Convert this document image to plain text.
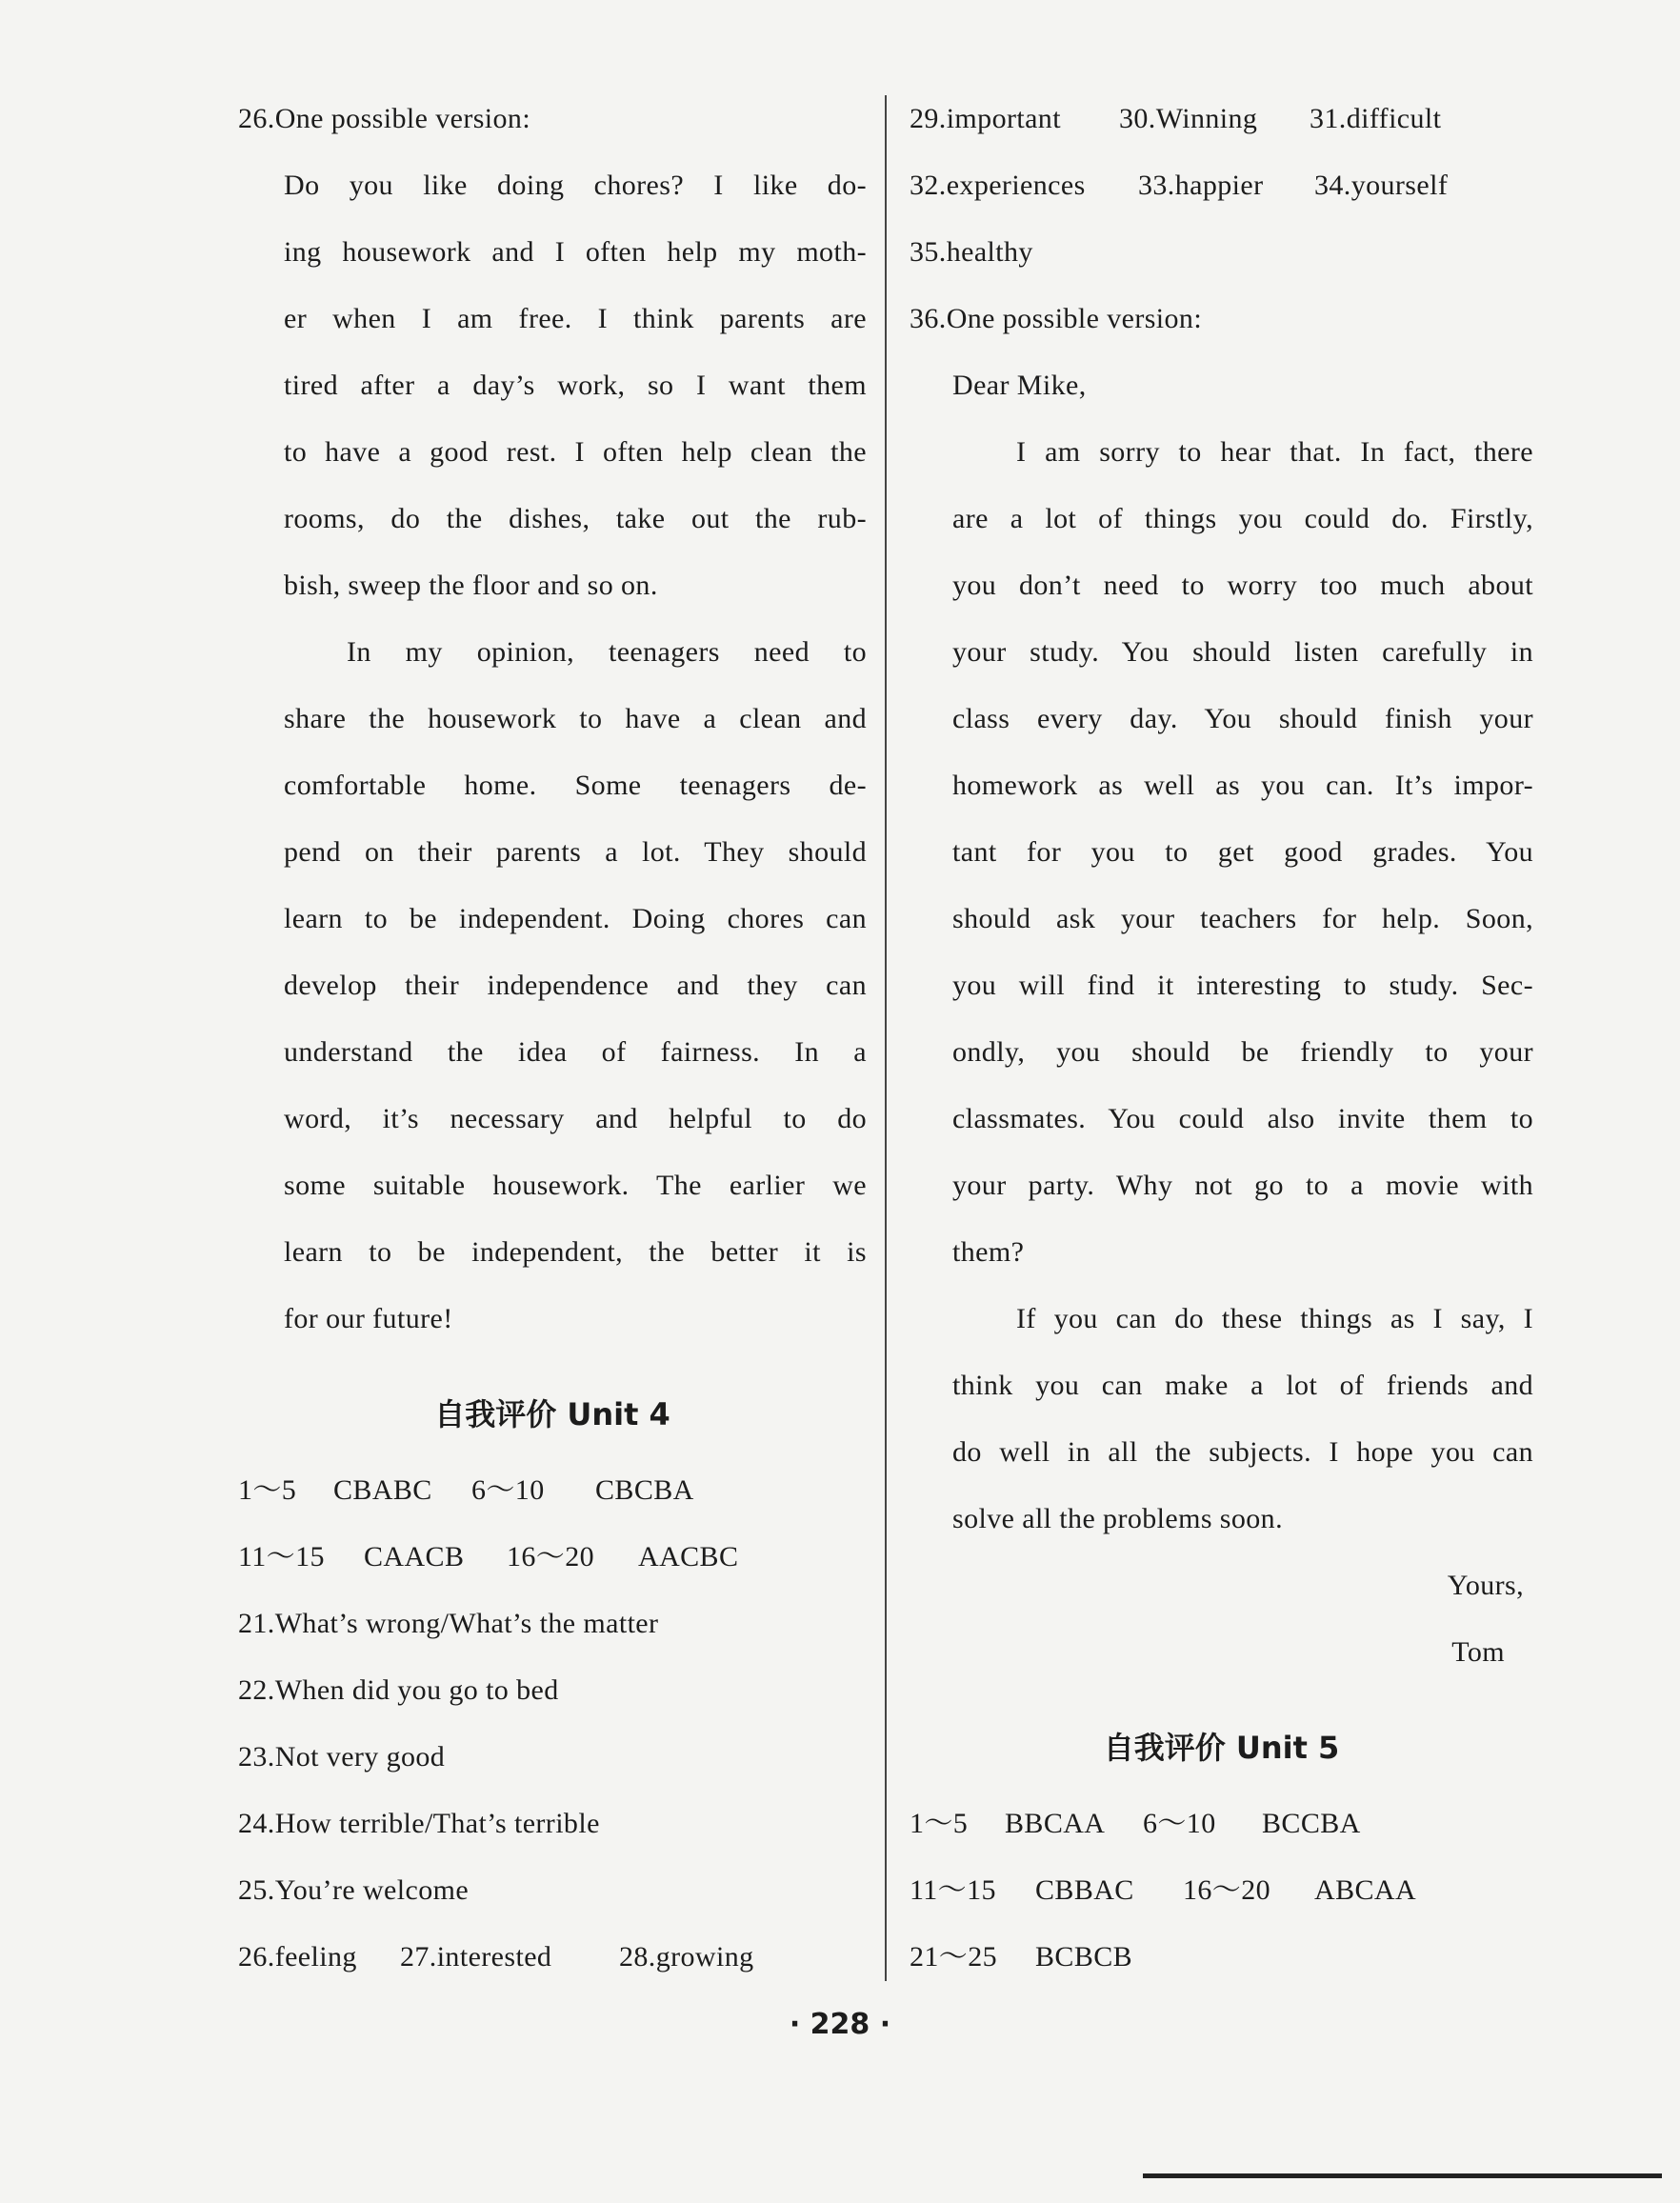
26.One possible version:
Do you like doing chores? I like do-
ing housework and I often help my moth-
er when I am free. I think parents are
tired after a day’s work, so I want them
to have a good rest. I often help clean the
rooms, do the dishes, take out the rub-
bish, sweep the floor and so on.
In my opinion, teenagers need to
share the housework to have a clean and
comfortable home. Some teenagers de-
pend on their parents a lot. They should
learn to be independent. Doing chores can
develop their independence and they can
understand the idea of fairness. In a
word, it’s necessary and helpful to do
some suitable housework. The earlier we
learn to be independent, the better it is
for our future!
自我评价 Unit 4
1～5 CBABC 6～10 CBCBA
11～15 CAACB 16～20 AACBC
21.What’s wrong/What’s the matter
22.When did you go to bed
23.Not very good
24.How terrible/That’s terrible
25.You’re welcome
26.feeling 27.interested 28.growing
29.important 30.Winning 31.difficult
32.experiences 33.happier 34.yourself
35.healthy
36.One possible version:
Dear Mike,
I am sorry to hear that. In fact, there
are a lot of things you could do. Firstly,
you don’t need to worry too much about
your study. You should listen carefully in
class every day. You should finish your
homework as well as you can. It’s impor-
tant for you to get good grades. You
should ask your teachers for help. Soon,
you will find it interesting to study. Sec-
ondly, you should be friendly to your
classmates. You could also invite them to
your party. Why not go to a movie with
them?
If you can do these things as I say, I
think you can make a lot of friends and
do well in all the subjects. I hope you can
solve all the problems soon.
Yours,
Tom
自我评价 Unit 5
1～5 BBCAA 6～10 BCCBA
11～15 CBBAC 16～20 ABCAA
21～25 BCBCB
· 228 ·
